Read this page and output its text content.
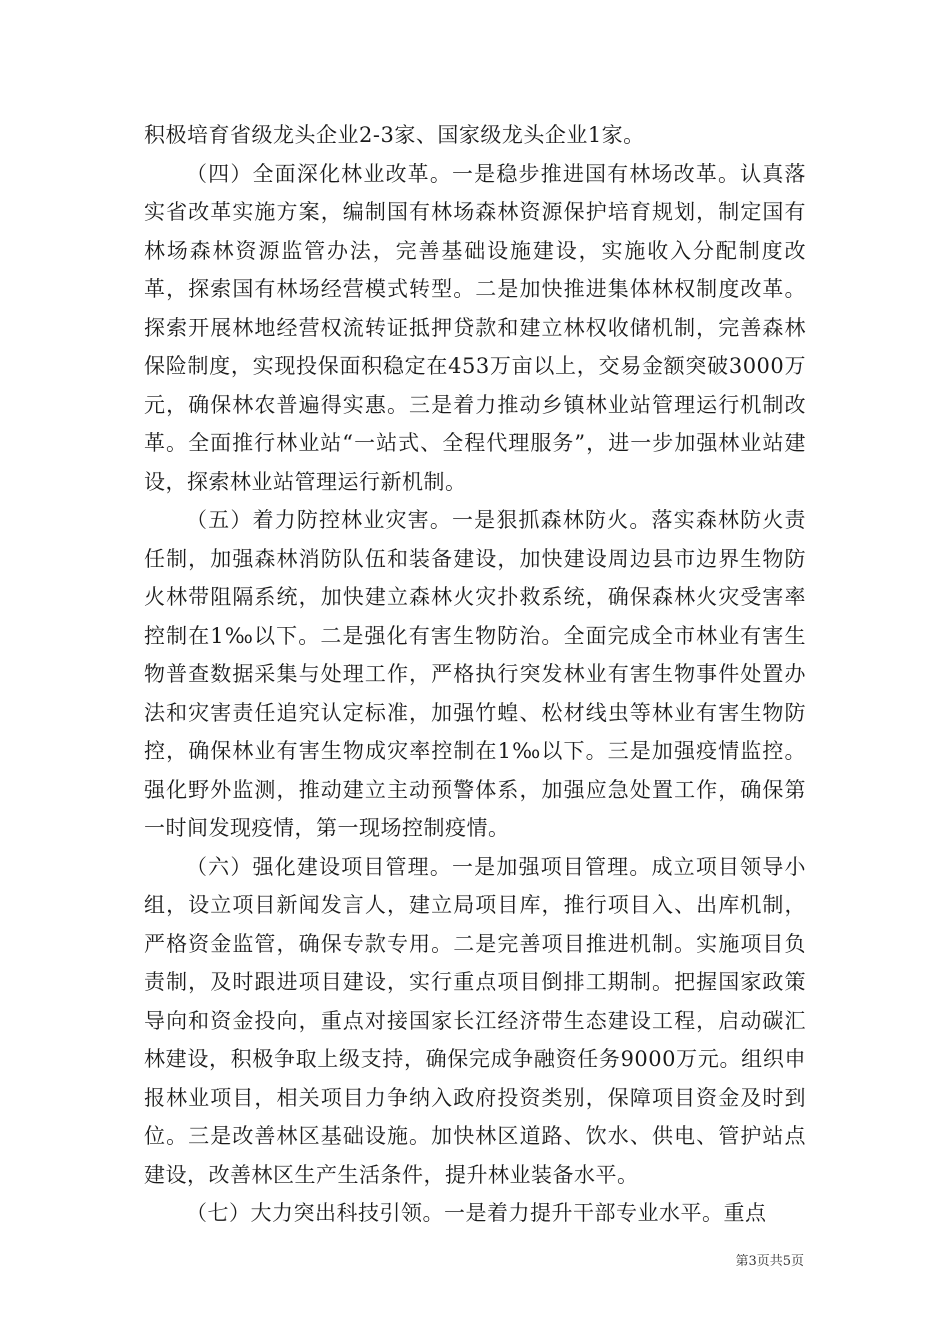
积极培育省级龙头企业2-3家、国家级龙头企业1家。

（四）全面深化林业改革。一是稳步推进国有林场改革。认真落实省改革实施方案，编制国有林场森林资源保护培育规划，制定国有林场森林资源监管办法，完善基础设施建设，实施收入分配制度改革，探索国有林场经营模式转型。二是加快推进集体林权制度改革。探索开展林地经营权流转证抵押贷款和建立林权收储机制，完善森林保险制度，实现投保面积稳定在453万亩以上，交易金额突破3000万元，确保林农普遍得实惠。三是着力推动乡镇林业站管理运行机制改革。全面推行林业站“一站式、全程代理服务”，进一步加强林业站建设，探索林业站管理运行新机制。

（五）着力防控林业灾害。一是狠抓森林防火。落实森林防火责任制，加强森林消防队伍和装备建设，加快建设周边县市边界生物防火林带阻隔系统，加快建立森林火灾扑救系统，确保森林火灾受害率控制在1‰以下。二是强化有害生物防治。全面完成全市林业有害生物普查数据采集与处理工作，严格执行突发林业有害生物事件处置办法和灾害责任追究认定标准，加强竹蝗、松材线虫等林业有害生物防控，确保林业有害生物成灾率控制在1‰以下。三是加强疫情监控。强化野外监测，推动建立主动预警体系，加强应急处置工作，确保第一时间发现疫情，第一现场控制疫情。

（六）强化建设项目管理。一是加强项目管理。成立项目领导小组，设立项目新闻发言人，建立局项目库，推行项目入、出库机制，严格资金监管，确保专款专用。二是完善项目推进机制。实施项目负责制，及时跟进项目建设，实行重点项目倒排工期制。把握国家政策导向和资金投向，重点对接国家长江经济带生态建设工程，启动碳汇林建设，积极争取上级支持，确保完成争融资任务9000万元。组织申报林业项目，相关项目力争纳入政府投资类别，保障项目资金及时到位。三是改善林区基础设施。加快林区道路、饮水、供电、管护站点建设，改善林区生产生活条件，提升林业装备水平。

（七）大力突出科技引领。一是着力提升干部专业水平。重点

第3页共5页
